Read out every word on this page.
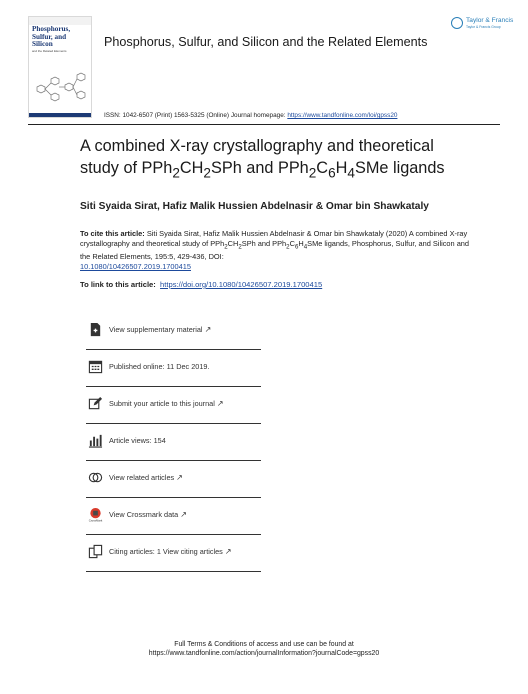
Phosphorus, Sulfur, and Silicon
and the Related Elements
Phosphorus, Sulfur, and Silicon and the Related Elements
Taylor & Francis
Taylor & Francis Group
ISSN: 1042-6507 (Print) 1563-5325 (Online) Journal homepage: https://www.tandfonline.com/loi/gpss20
A combined X-ray crystallography and theoretical
study of $PPh_2CH_2SPh$ and $PPh_2C_6H_4SMe$ ligands
Siti Syaida Sirat, Hafiz Malik Hussien Abdelnasir & Omar bin Shawkataly
To cite this article: Siti Syaida Sirat, Hafiz Malik Hussien Abdelnasir & Omar bin Shawkataly (2020) A combined X-ray crystallography and theoretical study of $PPh_2CH_2SPh$ and $PPh_2C_6H_4SMe$ ligands, Phosphorus, Sulfur, and Silicon and the Related Elements, 195:5, 429-436, DOI:
10.1080/10426507.2019.1700415
To link to this article: https://doi.org/10.1080/10426507.2019.1700415
View supplementary material ↗
Published online: 11 Dec 2019.
Submit your article to this journal ↗
Article views: 154
View related articles ↗
CrossMark
View Crossmark data ↗
Citing articles: 1 View citing articles ↗
Full Terms & Conditions of access and use can be found at
https://www.tandfonline.com/action/journalInformation?journalCode=gpss20
